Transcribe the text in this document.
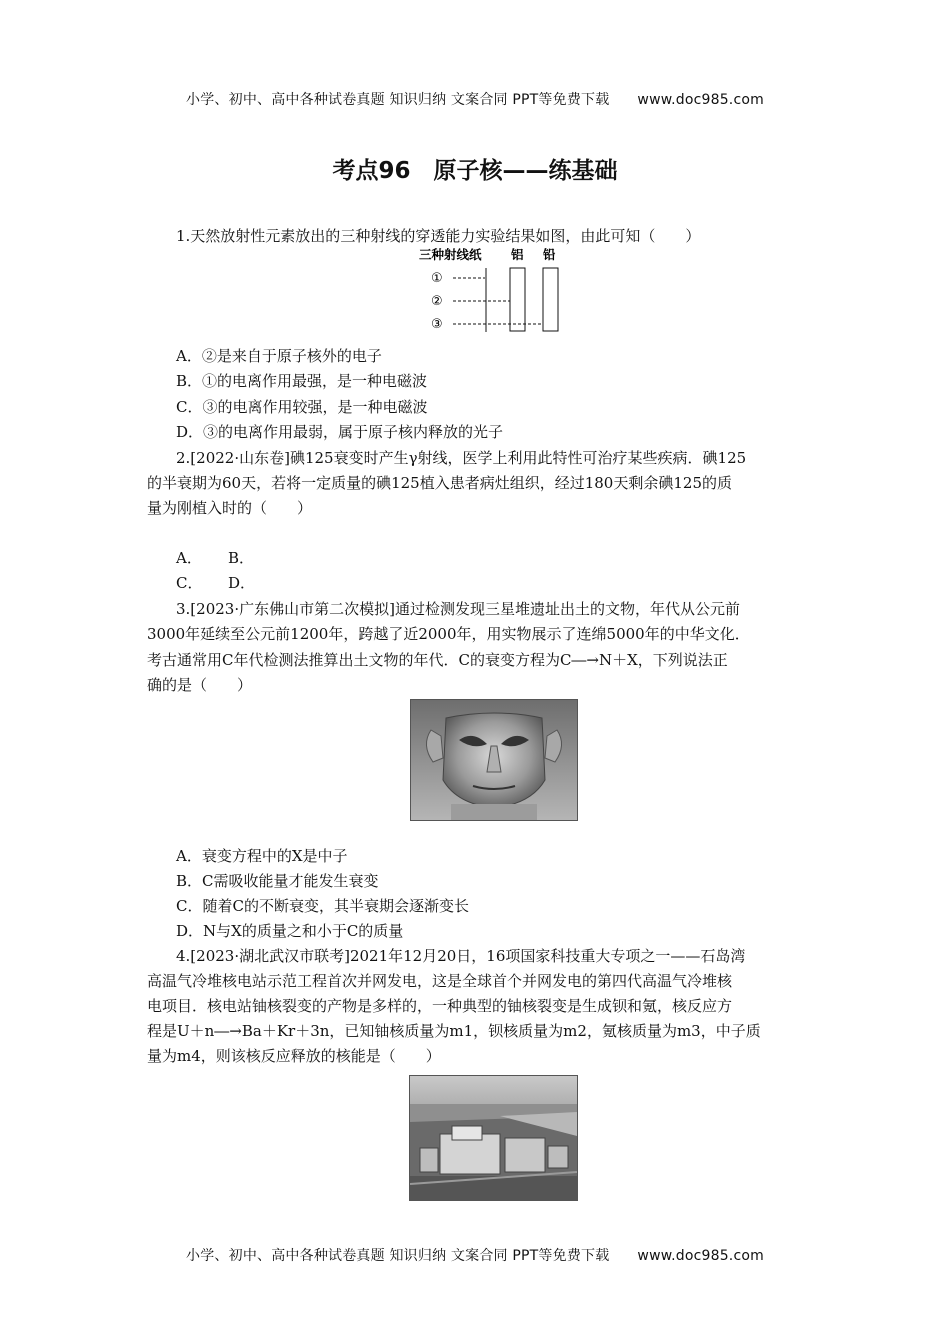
小学、初中、高中各种试卷真题 知识归纳 文案合同 PPT等免费下载 www.doc985.com
考点96　原子核——练基础
1.天然放射性元素放出的三种射线的穿透能力实验结果如图，由此可知（　　）
三种射线 纸 铝 铅
①
②
③
A．②是来自于原子核外的电子
B．①的电离作用最强，是一种电磁波
C．③的电离作用较强，是一种电磁波
D．③的电离作用最弱，属于原子核内释放的光子
2.[2022·山东卷]碘125衰变时产生γ射线，医学上利用此特性可治疗某些疾病．碘125
的半衰期为60天，若将一定质量的碘125植入患者病灶组织，经过180天剩余碘125的质
量为刚植入时的（　　）
A． B．
C． D．
3.[2023·广东佛山市第二次模拟]通过检测发现三星堆遗址出土的文物，年代从公元前
3000年延续至公元前1200年，跨越了近2000年，用实物展示了连绵5000年的中华文化．
考古通常用C年代检测法推算出土文物的年代．C的衰变方程为C―→N＋X，下列说法正
确的是（　　）
A．衰变方程中的X是中子
B．C需吸收能量才能发生衰变
C．随着C的不断衰变，其半衰期会逐渐变长
D．N与X的质量之和小于C的质量
4.[2023·湖北武汉市联考]2021年12月20日，16项国家科技重大专项之一——石岛湾
高温气冷堆核电站示范工程首次并网发电，这是全球首个并网发电的第四代高温气冷堆核
电项目．核电站铀核裂变的产物是多样的，一种典型的铀核裂变是生成钡和氪，核反应方
程是U＋n―→Ba＋Kr＋3n，已知铀核质量为m1，钡核质量为m2，氪核质量为m3，中子质
量为m4，则该核反应释放的核能是（　　）
小学、初中、高中各种试卷真题 知识归纳 文案合同 PPT等免费下载 www.doc985.com
